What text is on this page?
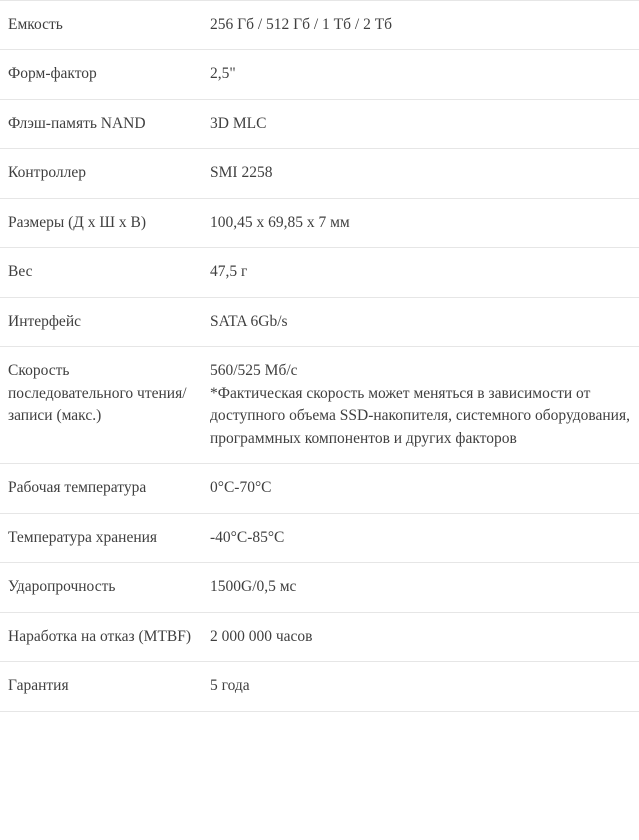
Емкость	256 Гб / 512 Гб / 1 Тб / 2 Тб

Форм-фактор	2,5"

Флэш-память NAND	3D MLC

Контроллер	SMI 2258

Размеры (Д х Ш х В)	100,45 x 69,85 x 7 мм

Вес	47,5 г

Интерфейс	SATA 6Gb/s

Скорость последовательного чтения/записи (макс.)	560/525 Мб/с
*Фактическая скорость может меняться в зависимости от доступного объема SSD-накопителя, системного оборудования, программных компонентов и других факторов

Рабочая температура	0°C-70°C

Температура хранения	-40°C-85°C

Ударопрочность	1500G/0,5 мс

Наработка на отказ (MTBF)	2 000 000 часов

Гарантия	5 года
